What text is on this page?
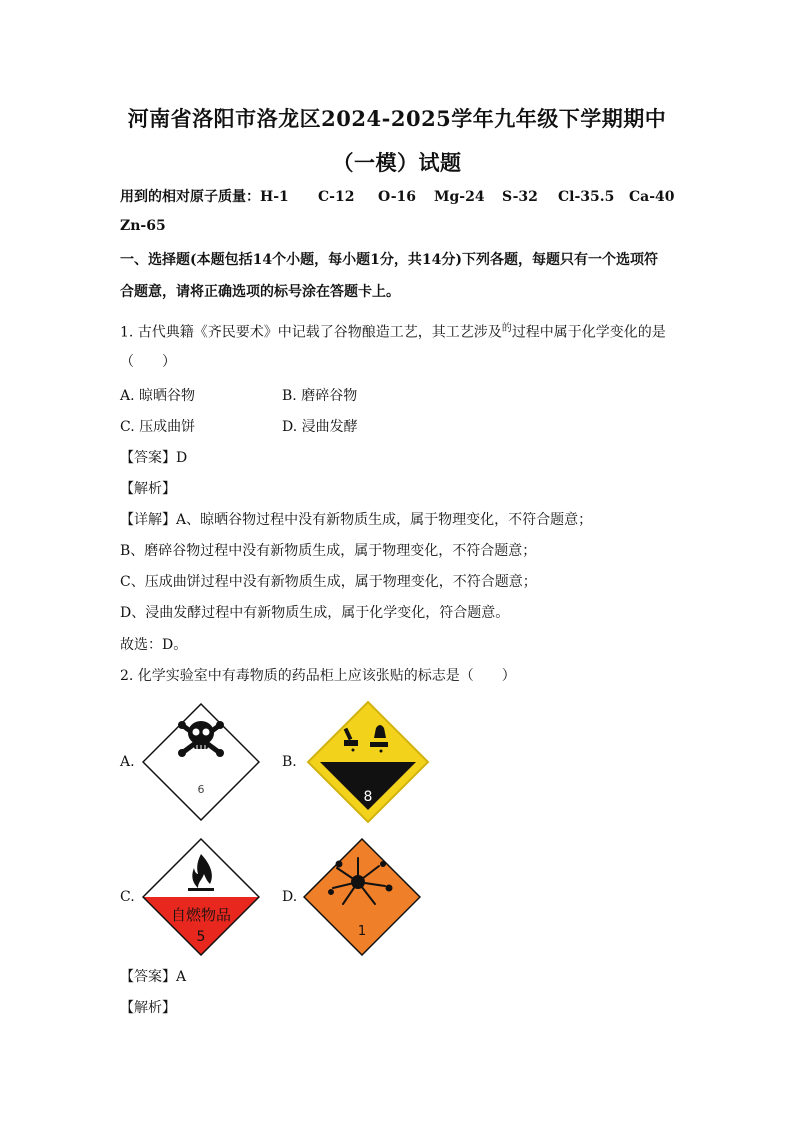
河南省洛阳市洛龙区2024-2025学年九年级下学期期中
（一模）试题
用到的相对原子质量：H-1 C-12 O-16 Mg-24 S-32 Cl-35.5 Ca-40
Zn-65
一、选择题(本题包括14个小题，每小题1分，共14分)下列各题，每题只有一个选项符
合题意，请将正确选项的标号涂在答题卡上。
1. 古代典籍《齐民要术》中记载了谷物酿造工艺，其工艺涉及$^的$过程中属于化学变化的是
（　　）
A. 晾晒谷物	B. 磨碎谷物
C. 压成曲饼	D. 浸曲发酵
【答案】D
【解析】
【详解】A、晾晒谷物过程中没有新物质生成，属于物理变化，不符合题意；
B、磨碎谷物过程中没有新物质生成，属于物理变化，不符合题意；
C、压成曲饼过程中没有新物质生成，属于物理变化，不符合题意；
D、浸曲发酵过程中有新物质生成，属于化学变化，符合题意。
故选：D。
2. 化学实验室中有毒物质的药品柜上应该张贴的标志是（　　）
A.	B.
C.	D.
6	8
自燃物品
5	1
【答案】A
【解析】
